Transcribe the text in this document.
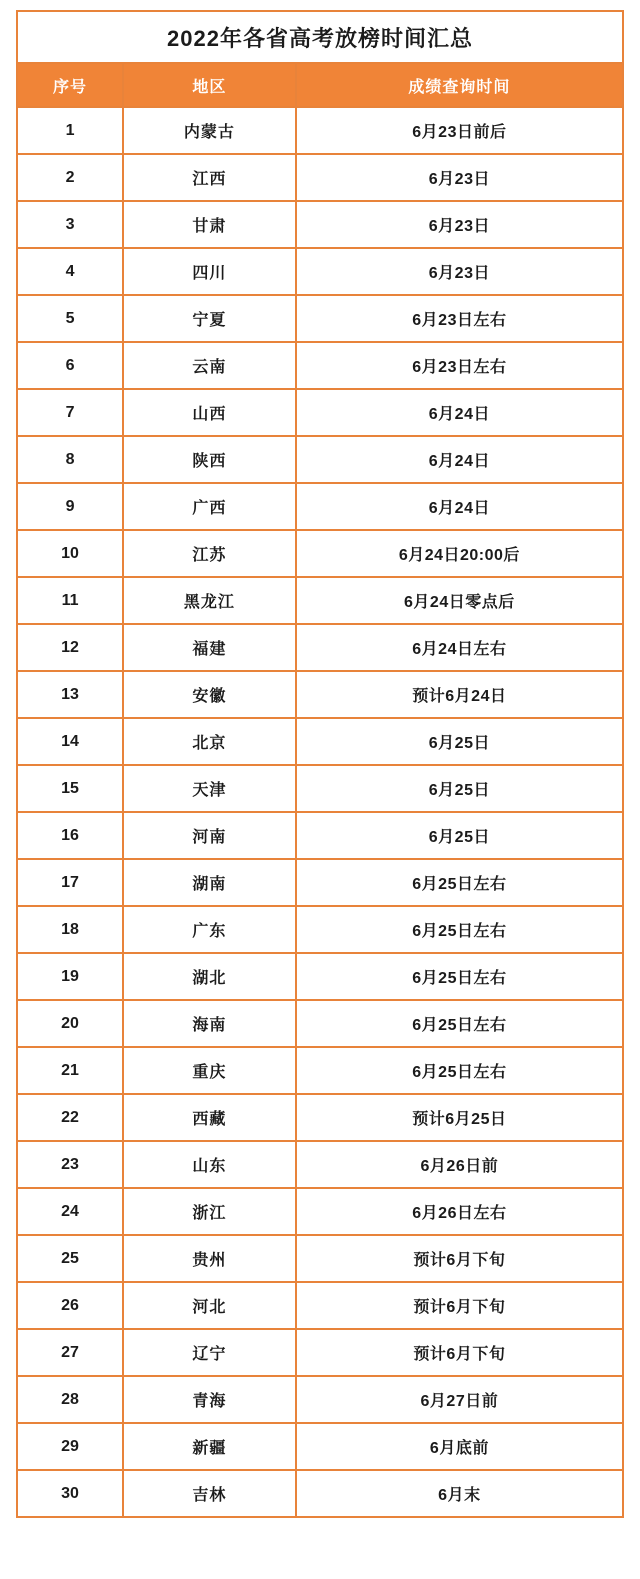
2022年各省高考放榜时间汇总
序号	地区	成绩查询时间
1	内蒙古	6月23日前后
2	江西	6月23日
3	甘肃	6月23日
4	四川	6月23日
5	宁夏	6月23日左右
6	云南	6月23日左右
7	山西	6月24日
8	陕西	6月24日
9	广西	6月24日
10	江苏	6月24日20:00后
11	黑龙江	6月24日零点后
12	福建	6月24日左右
13	安徽	预计6月24日
14	北京	6月25日
15	天津	6月25日
16	河南	6月25日
17	湖南	6月25日左右
18	广东	6月25日左右
19	湖北	6月25日左右
20	海南	6月25日左右
21	重庆	6月25日左右
22	西藏	预计6月25日
23	山东	6月26日前
24	浙江	6月26日左右
25	贵州	预计6月下旬
26	河北	预计6月下旬
27	辽宁	预计6月下旬
28	青海	6月27日前
29	新疆	6月底前
30	吉林	6月末
